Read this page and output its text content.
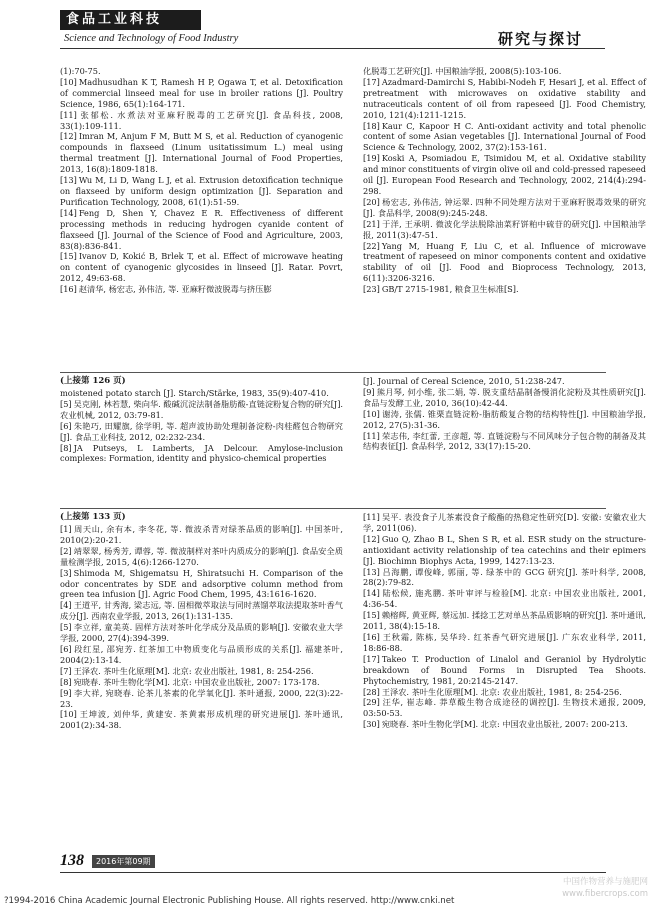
食品工业科技
Science and Technology of Food Industry	研究与探讨

(1):70-75.

[10] Madhusudhan K T, Ramesh H P, Ogawa T, et al. Detoxification of commercial linseed meal for use in broiler rations [J]. Poultry Science, 1986, 65(1):164-171.

[11] 张郁松. 水煮法对亚麻籽脱毒的工艺研究[J]. 食品科技, 2008, 33(1):109-111.

[12] Imran M, Anjum F M, Butt M S, et al. Reduction of cyanogenic compounds in flaxseed (Linum usitatissimum L.) meal using thermal treatment [J]. International Journal of Food Properties, 2013, 16(8):1809-1818.

[13] Wu M, Li D, Wang L J, et al. Extrusion detoxification technique on flaxseed by uniform design optimization [J]. Separation and Purification Technology, 2008, 61(1):51-59.

[14] Feng D, Shen Y, Chavez E R. Effectiveness of different processing methods in reducing hydrogen cyanide content of flaxseed [J]. Journal of the Science of Food and Agriculture, 2003, 83(8):836-841.

[15] Ivanov D, Kokić B, Brlek T, et al. Effect of microwave heating on content of cyanogenic glycosides in linseed [J]. Ratar. Povrt, 2012, 49:63-68.

[16] 赵清华, 杨宏志, 孙伟洁, 等. 亚麻籽微波脱毒与挤压膨

化脱毒工艺研究[J]. 中国粮油学报, 2008(5):103-106.

[17] Azadmard-Damirchi S, Habibi-Nodeh F, Hesari J, et al. Effect of pretreatment with microwaves on oxidative stability and nutraceuticals content of oil from rapeseed [J]. Food Chemistry, 2010, 121(4):1211-1215.

[18] Kaur C, Kapoor H C. Anti-oxidant activity and total phenolic content of some Asian vegetables [J]. International Journal of Food Science & Technology, 2002, 37(2):153-161.

[19] Koski A, Psomiadou E, Tsimidou M, et al. Oxidative stability and minor constituents of virgin olive oil and cold-pressed rapeseed oil [J]. European Food Research and Technology, 2002, 214(4):294-298.

[20] 杨宏志, 孙伟洁, 钟运翠. 四种不同处理方法对于亚麻籽脱毒效果的研究[J]. 食品科学, 2008(9):245-248.

[21] 于洋, 王承明. 微波化学法脱除油菜籽饼粕中硫苷的研究[J]. 中国粮油学报, 2011(3):47-51.

[22] Yang M, Huang F, Liu C, et al. Influence of microwave treatment of rapeseed on minor components content and oxidative stability of oil [J]. Food and Bioprocess Technology, 2013, 6(11):3206-3216.

[23] GB/T 2715-1981, 粮食卫生标准[S].

(上接第 126 页)

moistened potato starch [J]. Starch/Stärke, 1983, 35(9):407-410.

[5] 吴克刚, 林若慧, 柴向华. 酸碱沉淀法制备脂肪酸-直链淀粉复合物的研究[J]. 农业机械, 2012, 03:79-81.

[6] 朱艳巧, 田耀旗, 徐学明, 等. 超声波协助处理制备淀粉-肉桂醛包合物研究[J]. 食品工业科技, 2012, 02:232-234.

[8] JA Putseys, L Lamberts, JA Delcour. Amylose-inclusion complexes: Formation, identity and physico-chemical properties

[J]. Journal of Cereal Science, 2010, 51:238-247.

[9] 熊月琴, 何小维, 张二娟, 等. 脱支重结晶制备慢消化淀粉及其性质研究[J]. 食品与发酵工业, 2010, 36(10):42-44.

[10] 谢涛, 张儒. 锥栗直链淀粉-脂肪酸复合物的结构特性[J]. 中国粮油学报, 2012, 27(5):31-36.

[11] 荣志伟, 李红蕾, 王彦超, 等. 直链淀粉与不同风味分子包合物的制备及其结构表征[J]. 食品科学, 2012, 33(17):15-20.

(上接第 133 页)

[1] 周天山, 余有本, 李冬花, 等. 微波杀青对绿茶品质的影响[J]. 中国茶叶, 2010(2):20-21.

[2] 靖翠翠, 杨秀芳, 谭蓉, 等. 微波制样对茶叶内质成分的影响[J]. 食品安全质量检测学报, 2015, 4(6):1266-1270.

[3] Shimoda M, Shigematsu H, Shiratsuchi H. Comparison of the odor concentrates by SDE and adsorptive column method from green tea infusion [J]. Agric Food Chem, 1995, 43:1616-1620.

[4] 王道平, 甘秀海, 梁志远, 等. 固相微萃取法与同时蒸馏萃取法提取茶叶香气成分[J]. 西南农业学报, 2013, 26(1):131-135.

[5] 李立祥, 童美英. 固样方法对茶叶化学成分及品质的影响[J]. 安徽农业大学学报, 2000, 27(4):394-399.

[6] 段红星, 邵宛芳. 红茶加工中物质变化与品质形成的关系[J]. 福建茶叶, 2004(2):13-14.

[7] 王泽农. 茶叶生化原理[M]. 北京: 农业出版社, 1981, 8: 254-256.

[8] 宛晓春. 茶叶生物化学[M]. 北京: 中国农业出版社, 2007: 173-178.

[9] 李大祥, 宛晓春. 论茶儿茶素的化学氧化[J]. 茶叶通报, 2000, 22(3):22-23.

[10] 王坤波, 刘仲华, 黄建安. 茶黄素形成机理的研究进展[J]. 茶叶通讯, 2001(2):34-38.

[11] 吴平. 表没食子儿茶素没食子酸酯的热稳定性研究[D]. 安徽: 安徽农业大学, 2011(06).

[12] Guo Q, Zhao B L, Shen S R, et al. ESR study on the structure-antioxidant activity relationship of tea catechins and their epimers [J]. Biochimn Biophys Acta, 1999, 1427:13-23.

[13] 吕海鹏, 谭俊峰, 郭丽, 等. 绿茶中的 GCG 研究[J]. 茶叶科学, 2008, 28(2):79-82.

[14] 陆松候, 施兆鹏. 茶叶审评与检验[M]. 北京: 中国农业出版社, 2001, 4:36-54.

[15] 赖榕辉, 黄亚辉, 蔡远加. 揉捻工艺对单丛茶品质影响的研究[J]. 茶叶通讯, 2011, 38(4):15-18.

[16] 王秋霜, 陈栋, 吴华玲. 红茶香气研究进展[J]. 广东农业科学, 2011, 18:86-88.

[17] Takeo T. Production of Linalol and Geraniol by Hydrolytic breakdown of Bound Forms in Disrupted Tea Shoots. Phytochemistry, 1981, 20:2145-2147.

[28] 王泽农. 茶叶生化原理[M]. 北京: 农业出版社, 1981, 8: 254-256.

[29] 汪华, 崔志峰. 莽草酸生物合成途径的调控[J]. 生物技术通报, 2009, 03:50-53.

[30] 宛晓春. 茶叶生物化学[M]. 北京: 中国农业出版社, 2007: 200-213.

138	2016年第09期
中国作物营养与施肥网 www.fibercrops.com
?1994-2016 China Academic Journal Electronic Publishing House. All rights reserved. http://www.cnki.net
